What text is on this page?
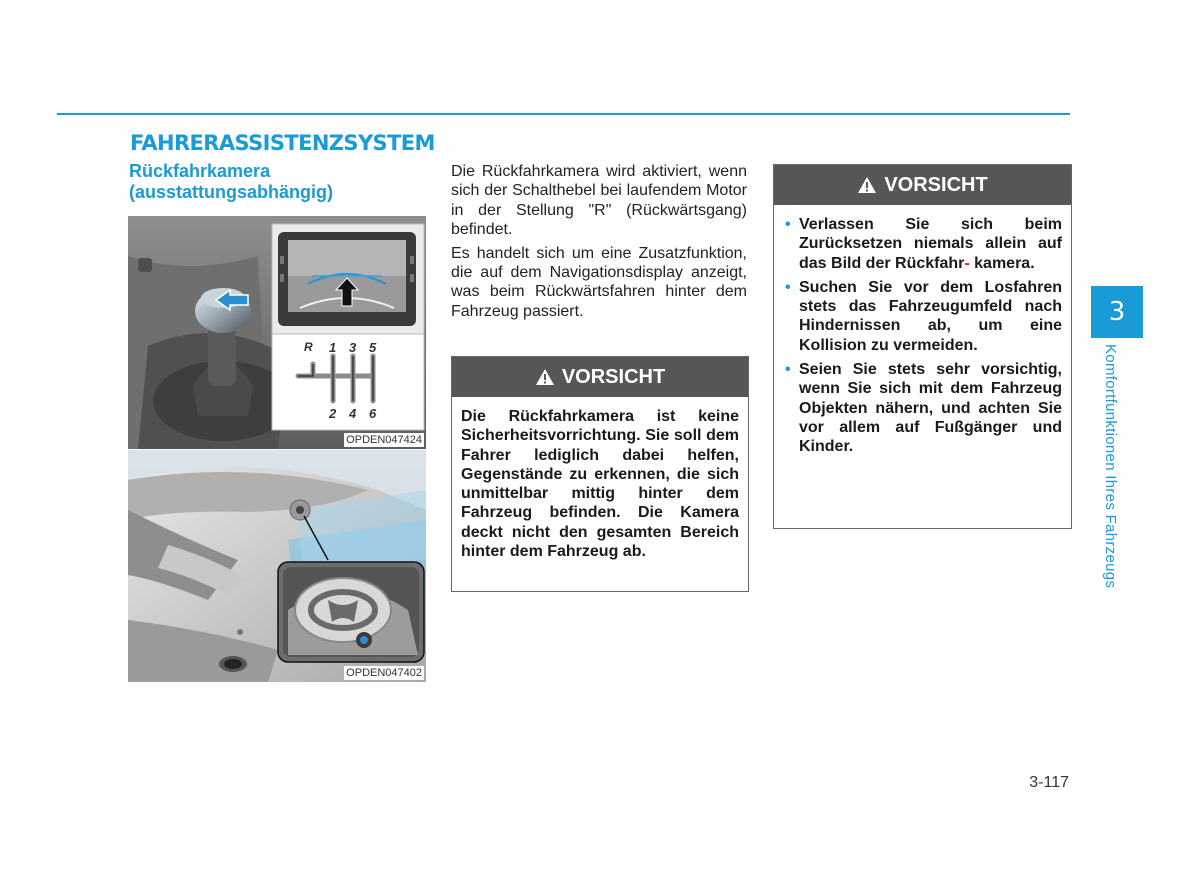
FAHRERASSISTENZSYSTEM
Rückfahrkamera
(ausstattungsabhängig)
R 1 3 5
2 4 6
OPDEN047424
OPDEN047402

Die Rückfahrkamera wird aktiviert, wenn sich der Schalthebel bei laufendem Motor in der Stellung "R" (Rückwärtsgang) befindet.

Es handelt sich um eine Zusatzfunktion, die auf dem Navigationsdisplay anzeigt, was beim Rückwärtsfahren hinter dem Fahrzeug passiert.

VORSICHT
Die Rückfahrkamera ist keine Sicherheitsvorrichtung. Sie soll dem Fahrer lediglich dabei helfen, Gegenstände zu erkennen, die sich unmittelbar mittig hinter dem Fahrzeug befinden. Die Kamera deckt nicht den gesamten Bereich hinter dem Fahrzeug ab.
VORSICHT
• Verlassen Sie sich beim Zurücksetzen niemals allein auf das Bild der Rückfahr- kamera.
• Suchen Sie vor dem Losfahren stets das Fahrzeugumfeld nach Hindernissen ab, um eine Kollision zu vermeiden.
• Seien Sie stets sehr vorsichtig, wenn Sie sich mit dem Fahrzeug Objekten nähern, und achten Sie vor allem auf Fußgänger und Kinder.
3
Komfortfunktionen Ihres Fahrzeugs
3-117
